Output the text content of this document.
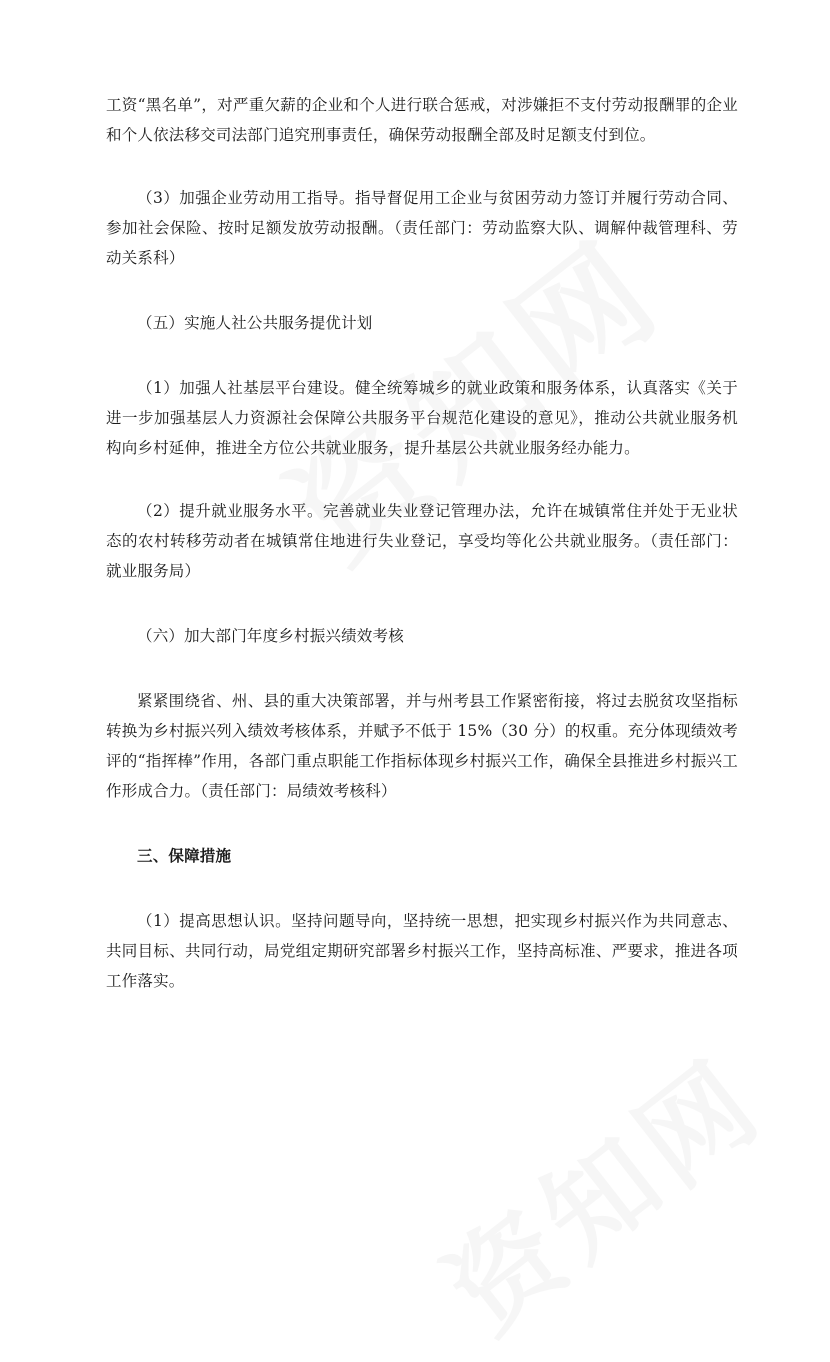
工资“黑名单”，对严重欠薪的企业和个人进行联合惩戒，对涉嫌拒不支付劳动报酬罪的企业和个人依法移交司法部门追究刑事责任，确保劳动报酬全部及时足额支付到位。

（3）加强企业劳动用工指导。指导督促用工企业与贫困劳动力签订并履行劳动合同、参加社会保险、按时足额发放劳动报酬。（责任部门：劳动监察大队、调解仲裁管理科、劳动关系科）

（五）实施人社公共服务提优计划

（1）加强人社基层平台建设。健全统筹城乡的就业政策和服务体系，认真落实《关于进一步加强基层人力资源社会保障公共服务平台规范化建设的意见》，推动公共就业服务机构向乡村延伸，推进全方位公共就业服务，提升基层公共就业服务经办能力。

（2）提升就业服务水平。完善就业失业登记管理办法，允许在城镇常住并处于无业状态的农村转移劳动者在城镇常住地进行失业登记，享受均等化公共就业服务。（责任部门：就业服务局）

（六）加大部门年度乡村振兴绩效考核

紧紧围绕省、州、县的重大决策部署，并与州考县工作紧密衔接，将过去脱贫攻坚指标转换为乡村振兴列入绩效考核体系，并赋予不低于 15%（30 分）的权重。充分体现绩效考评的“指挥棒”作用，各部门重点职能工作指标体现乡村振兴工作，确保全县推进乡村振兴工作形成合力。（责任部门：局绩效考核科）

三、保障措施

（1）提高思想认识。坚持问题导向，坚持统一思想，把实现乡村振兴作为共同意志、共同目标、共同行动，局党组定期研究部署乡村振兴工作，坚持高标准、严要求，推进各项工作落实。
